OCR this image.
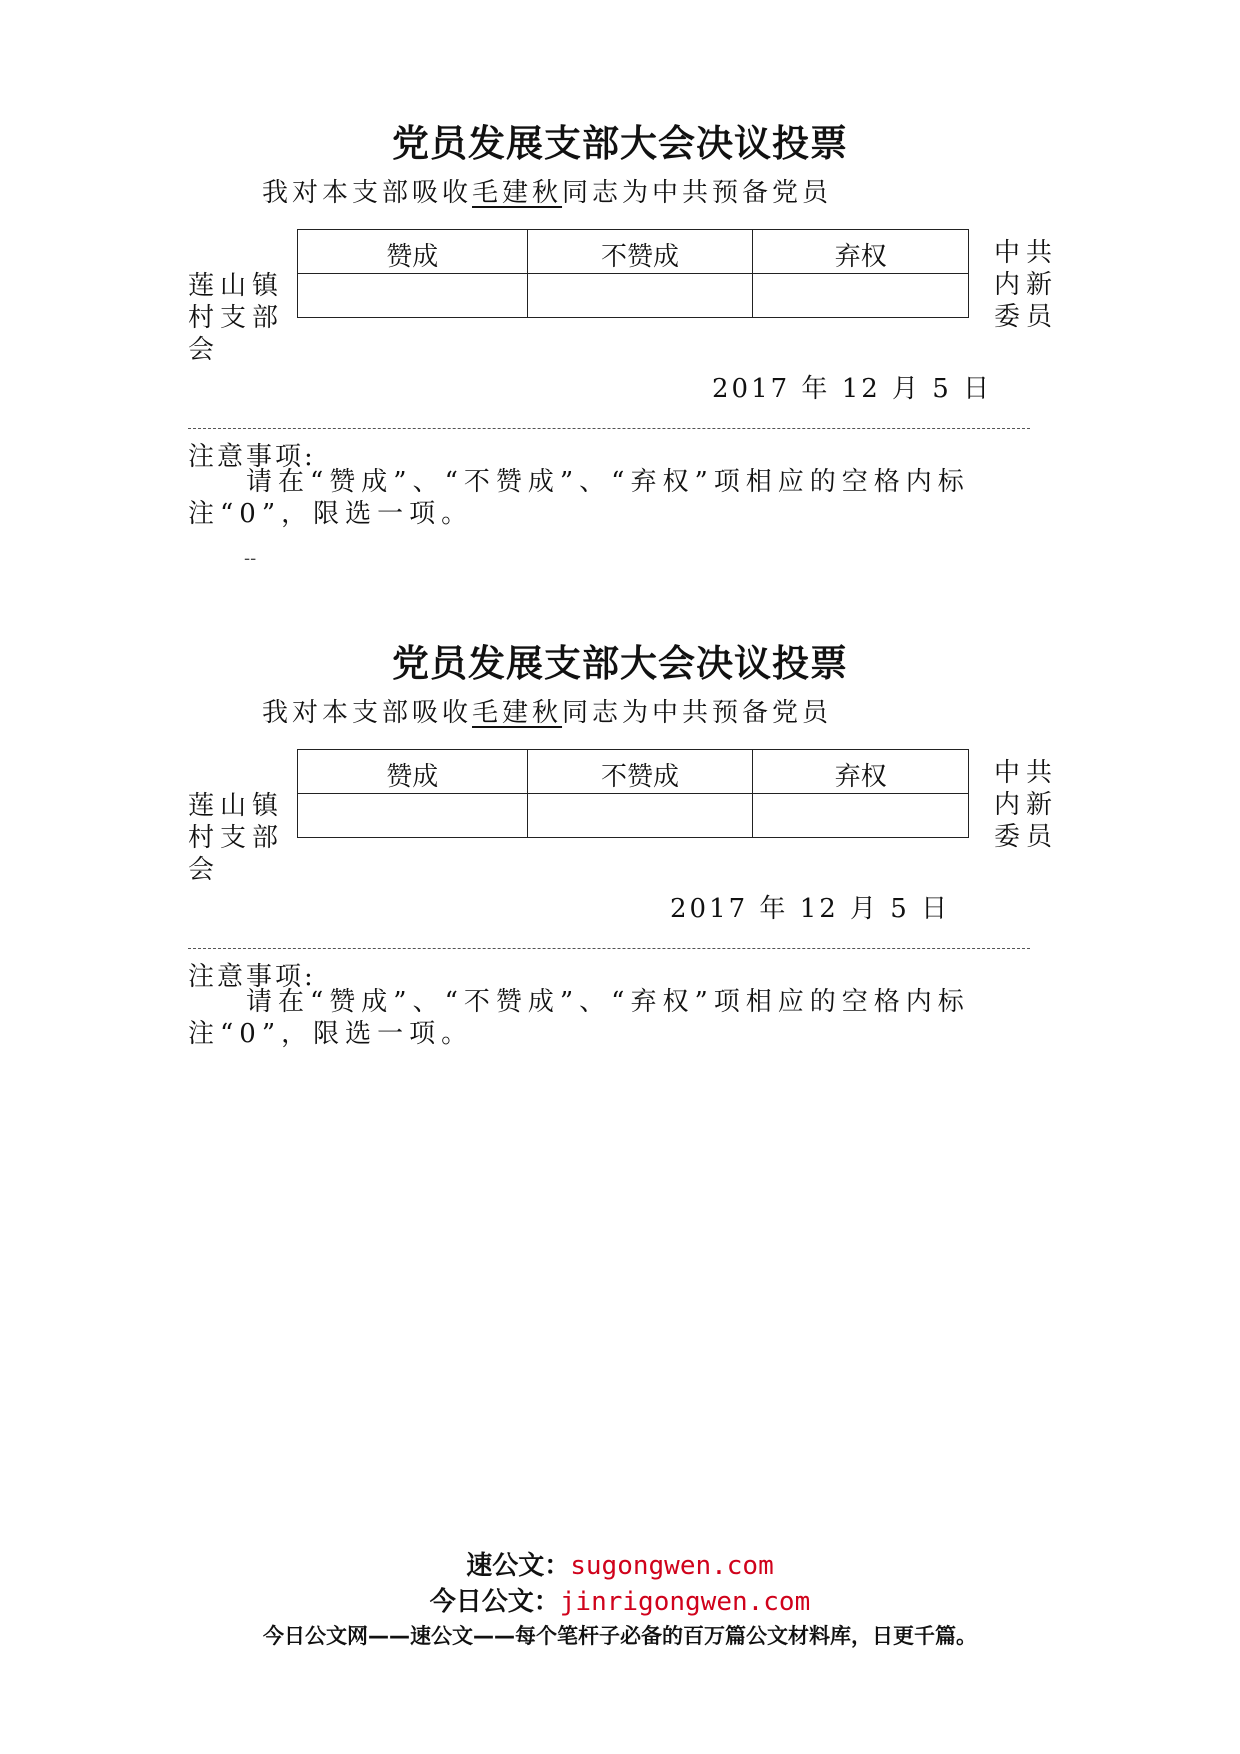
党员发展支部大会决议投票
我对本支部吸收毛建秋同志为中共预备党员
莲山镇村支部会
赞成	不赞成	弃权
			中共内新委员
2017 年 12 月 5 日
注意事项:
请在“赞成”、“不赞成”、“弃权”项相应的空格内标注“0”，限选一项。
--
党员发展支部大会决议投票
我对本支部吸收毛建秋同志为中共预备党员
莲山镇村支部会
赞成	不赞成	弃权
			中共内新委员
2017 年 12 月 5 日
注意事项:
请在“赞成”、“不赞成”、“弃权”项相应的空格内标注“0”，限选一项。
速公文：sugongwen.com
今日公文：jinrigongwen.com
今日公文网——速公文——每个笔杆子必备的百万篇公文材料库，日更千篇。
